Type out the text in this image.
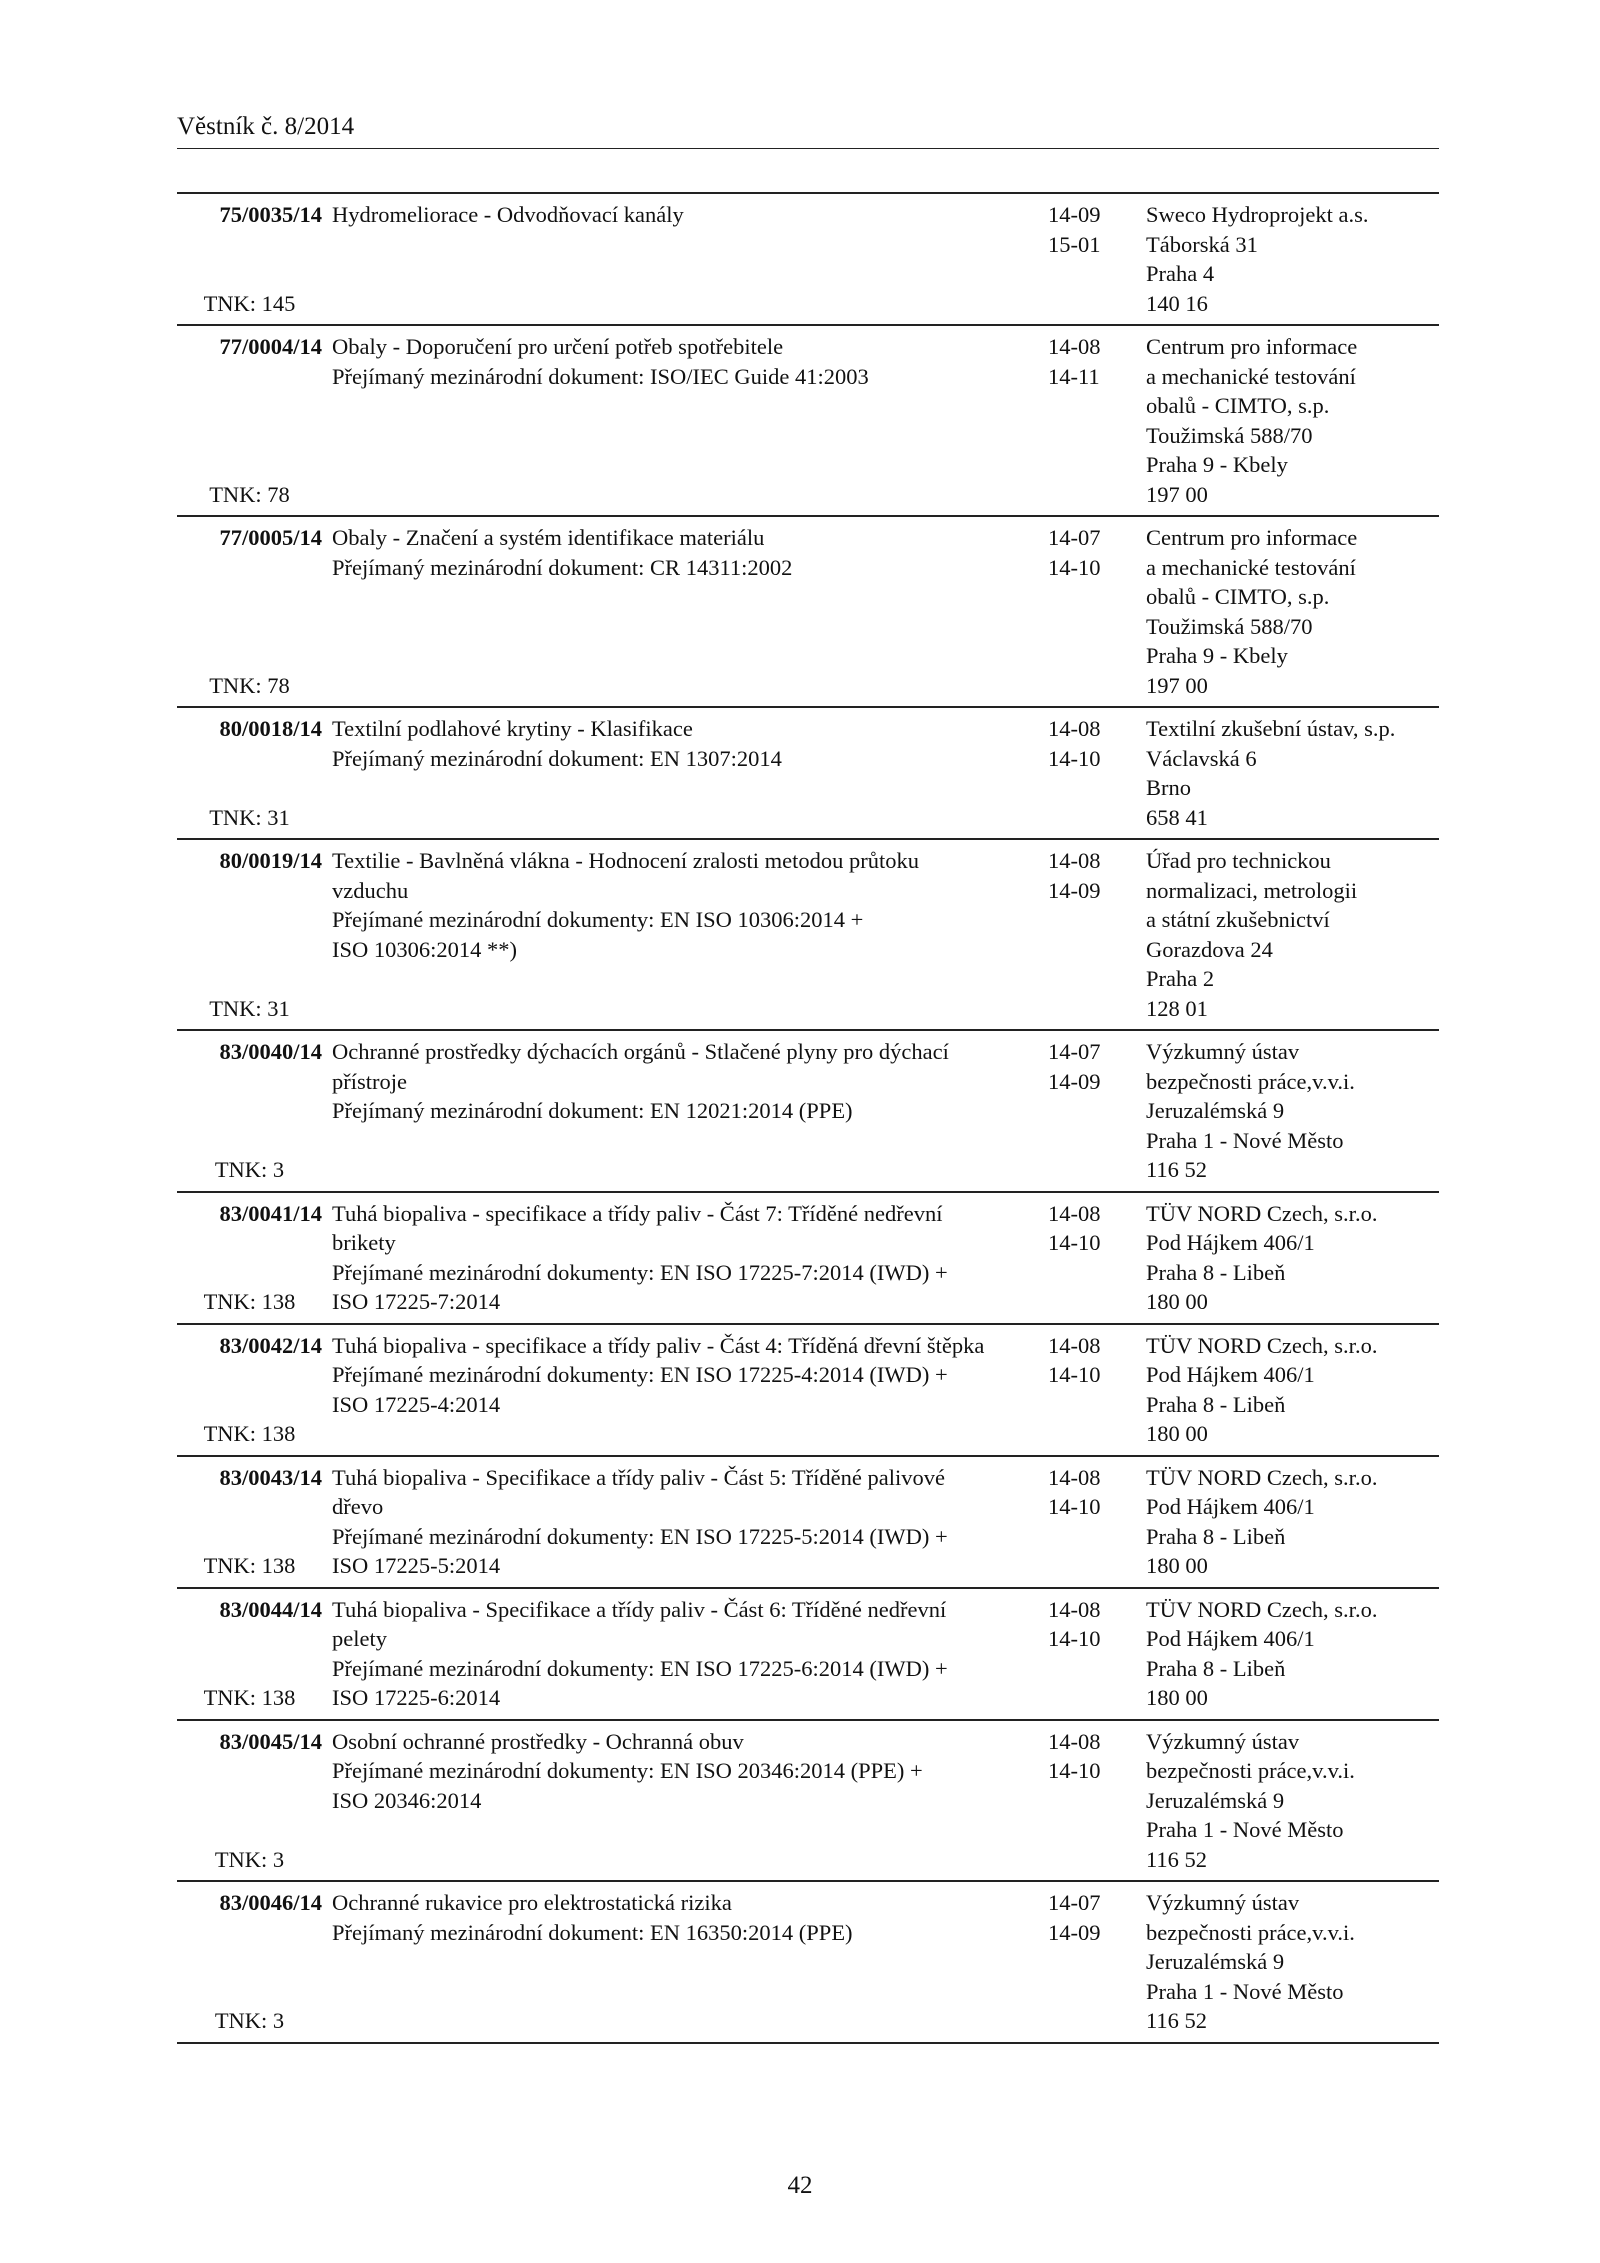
Věstník č. 8/2014
75/0035/14
TNK: 145
Hydromeliorace - Odvodňovací kanály	14-09
15-01
Sweco Hydroprojekt a.s.
Táborská 31
Praha 4
140 16
77/0004/14
TNK: 78
Obaly - Doporučení pro určení potřeb spotřebitele
Přejímaný mezinárodní dokument: ISO/IEC Guide 41:2003
14-08
14-11
Centrum pro informace
a mechanické testování
obalů - CIMTO, s.p.
Toužimská 588/70
Praha 9 - Kbely
197 00
77/0005/14
TNK: 78
Obaly - Značení a systém identifikace materiálu
Přejímaný mezinárodní dokument: CR 14311:2002
14-07
14-10
Centrum pro informace
a mechanické testování
obalů - CIMTO, s.p.
Toužimská 588/70
Praha 9 - Kbely
197 00
80/0018/14
TNK: 31
Textilní podlahové krytiny - Klasifikace
Přejímaný mezinárodní dokument: EN 1307:2014
14-08
14-10
Textilní zkušební ústav, s.p.
Václavská 6
Brno
658 41
80/0019/14
TNK: 31
Textilie - Bavlněná vlákna - Hodnocení zralosti metodou průtoku
vzduchu
Přejímané mezinárodní dokumenty: EN ISO 10306:2014 +
ISO 10306:2014 **)
14-08
14-09
Úřad pro technickou
normalizaci, metrologii
a státní zkušebnictví
Gorazdova 24
Praha 2
128 01
83/0040/14
TNK: 3
Ochranné prostředky dýchacích orgánů - Stlačené plyny pro dýchací
přístroje
Přejímaný mezinárodní dokument: EN 12021:2014 (PPE)
14-07
14-09
Výzkumný ústav
bezpečnosti práce,v.v.i.
Jeruzalémská 9
Praha 1 - Nové Město
116 52
83/0041/14
TNK: 138
Tuhá biopaliva - specifikace a třídy paliv - Část 7: Tříděné nedřevní
brikety
Přejímané mezinárodní dokumenty: EN ISO 17225-7:2014 (IWD) +
ISO 17225-7:2014
14-08
14-10
TÜV NORD Czech, s.r.o.
Pod Hájkem 406/1
Praha 8 - Libeň
180 00
83/0042/14
TNK: 138
Tuhá biopaliva - specifikace a třídy paliv - Část 4: Tříděná dřevní štěpka
Přejímané mezinárodní dokumenty: EN ISO 17225-4:2014 (IWD) +
ISO 17225-4:2014
14-08
14-10
TÜV NORD Czech, s.r.o.
Pod Hájkem 406/1
Praha 8 - Libeň
180 00
83/0043/14
TNK: 138
Tuhá biopaliva - Specifikace a třídy paliv - Část 5: Tříděné palivové
dřevo
Přejímané mezinárodní dokumenty: EN ISO 17225-5:2014 (IWD) +
ISO 17225-5:2014
14-08
14-10
TÜV NORD Czech, s.r.o.
Pod Hájkem 406/1
Praha 8 - Libeň
180 00
83/0044/14
TNK: 138
Tuhá biopaliva - Specifikace a třídy paliv - Část 6: Tříděné nedřevní
pelety
Přejímané mezinárodní dokumenty: EN ISO 17225-6:2014 (IWD) +
ISO 17225-6:2014
14-08
14-10
TÜV NORD Czech, s.r.o.
Pod Hájkem 406/1
Praha 8 - Libeň
180 00
83/0045/14
TNK: 3
Osobní ochranné prostředky - Ochranná obuv
Přejímané mezinárodní dokumenty: EN ISO 20346:2014 (PPE) +
ISO 20346:2014
14-08
14-10
Výzkumný ústav
bezpečnosti práce,v.v.i.
Jeruzalémská 9
Praha 1 - Nové Město
116 52
83/0046/14
TNK: 3
Ochranné rukavice pro elektrostatická rizika
Přejímaný mezinárodní dokument: EN 16350:2014 (PPE)
14-07
14-09
Výzkumný ústav
bezpečnosti práce,v.v.i.
Jeruzalémská 9
Praha 1 - Nové Město
116 52
42
